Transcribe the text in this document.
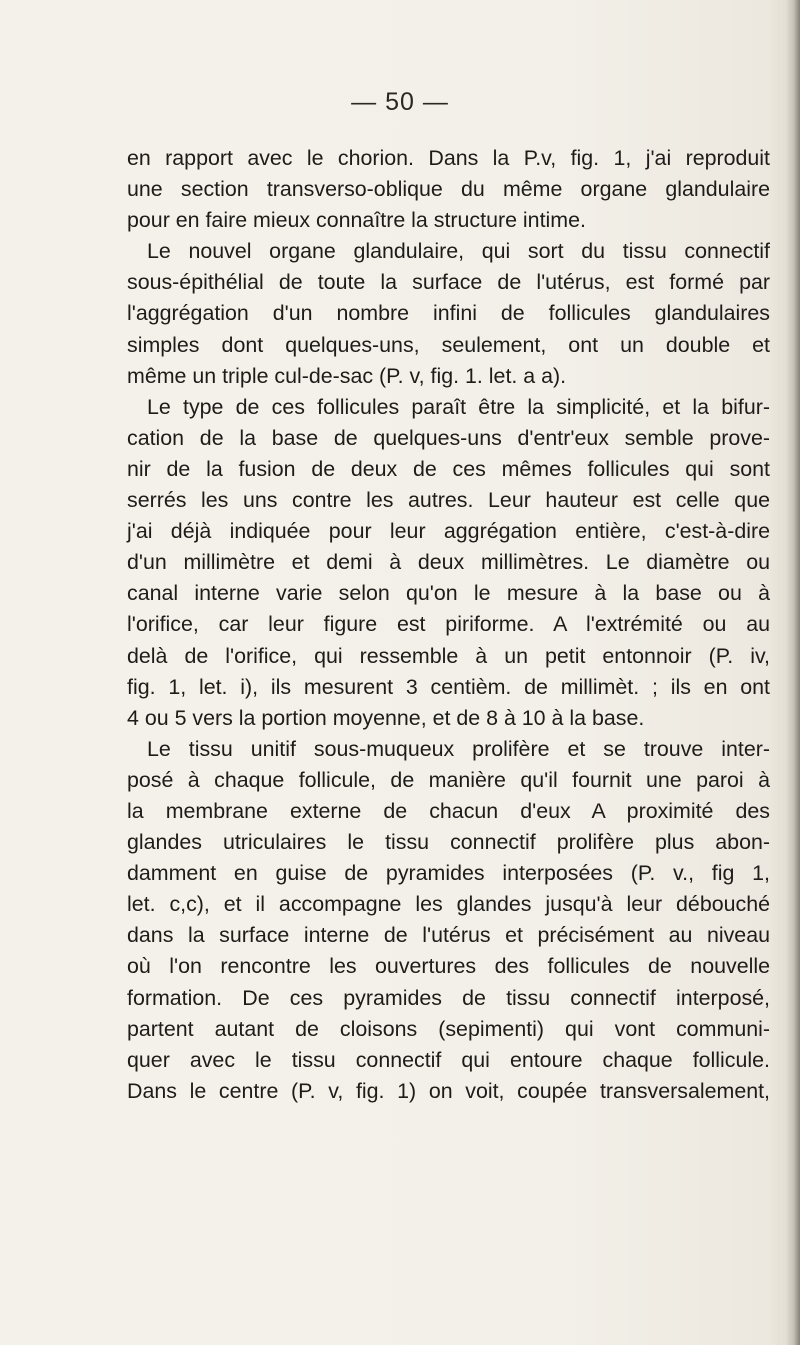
— 50 —
en rapport avec le chorion. Dans la P.v, fig. 1, j'ai reproduit
une section transverso-oblique du même organe glandulaire
pour en faire mieux connaître la structure intime.
Le nouvel organe glandulaire, qui sort du tissu connectif
sous-épithélial de toute la surface de l'utérus, est formé par
l'aggrégation d'un nombre infini de follicules glandulaires
simples dont quelques-uns, seulement, ont un double et
même un triple cul-de-sac (P. v, fig. 1. let. a a).
Le type de ces follicules paraît être la simplicité, et la bifur-
cation de la base de quelques-uns d'entr'eux semble prove-
nir de la fusion de deux de ces mêmes follicules qui sont
serrés les uns contre les autres. Leur hauteur est celle que
j'ai déjà indiquée pour leur aggrégation entière, c'est-à-dire
d'un millimètre et demi à deux millimètres. Le diamètre ou
canal interne varie selon qu'on le mesure à la base ou à
l'orifice, car leur figure est piriforme. A l'extrémité ou au
delà de l'orifice, qui ressemble à un petit entonnoir (P. iv,
fig. 1, let. i), ils mesurent 3 centièm. de millimèt. ; ils en ont
4 ou 5 vers la portion moyenne, et de 8 à 10 à la base.
Le tissu unitif sous-muqueux prolifère et se trouve inter-
posé à chaque follicule, de manière qu'il fournit une paroi à
la membrane externe de chacun d'eux A proximité des
glandes utriculaires le tissu connectif prolifère plus abon-
damment en guise de pyramides interposées (P. v., fig 1,
let. c,c), et il accompagne les glandes jusqu'à leur débouché
dans la surface interne de l'utérus et précisément au niveau
où l'on rencontre les ouvertures des follicules de nouvelle
formation. De ces pyramides de tissu connectif interposé,
partent autant de cloisons (sepimenti) qui vont communi-
quer avec le tissu connectif qui entoure chaque follicule.
Dans le centre (P. v, fig. 1) on voit, coupée transversalement,
